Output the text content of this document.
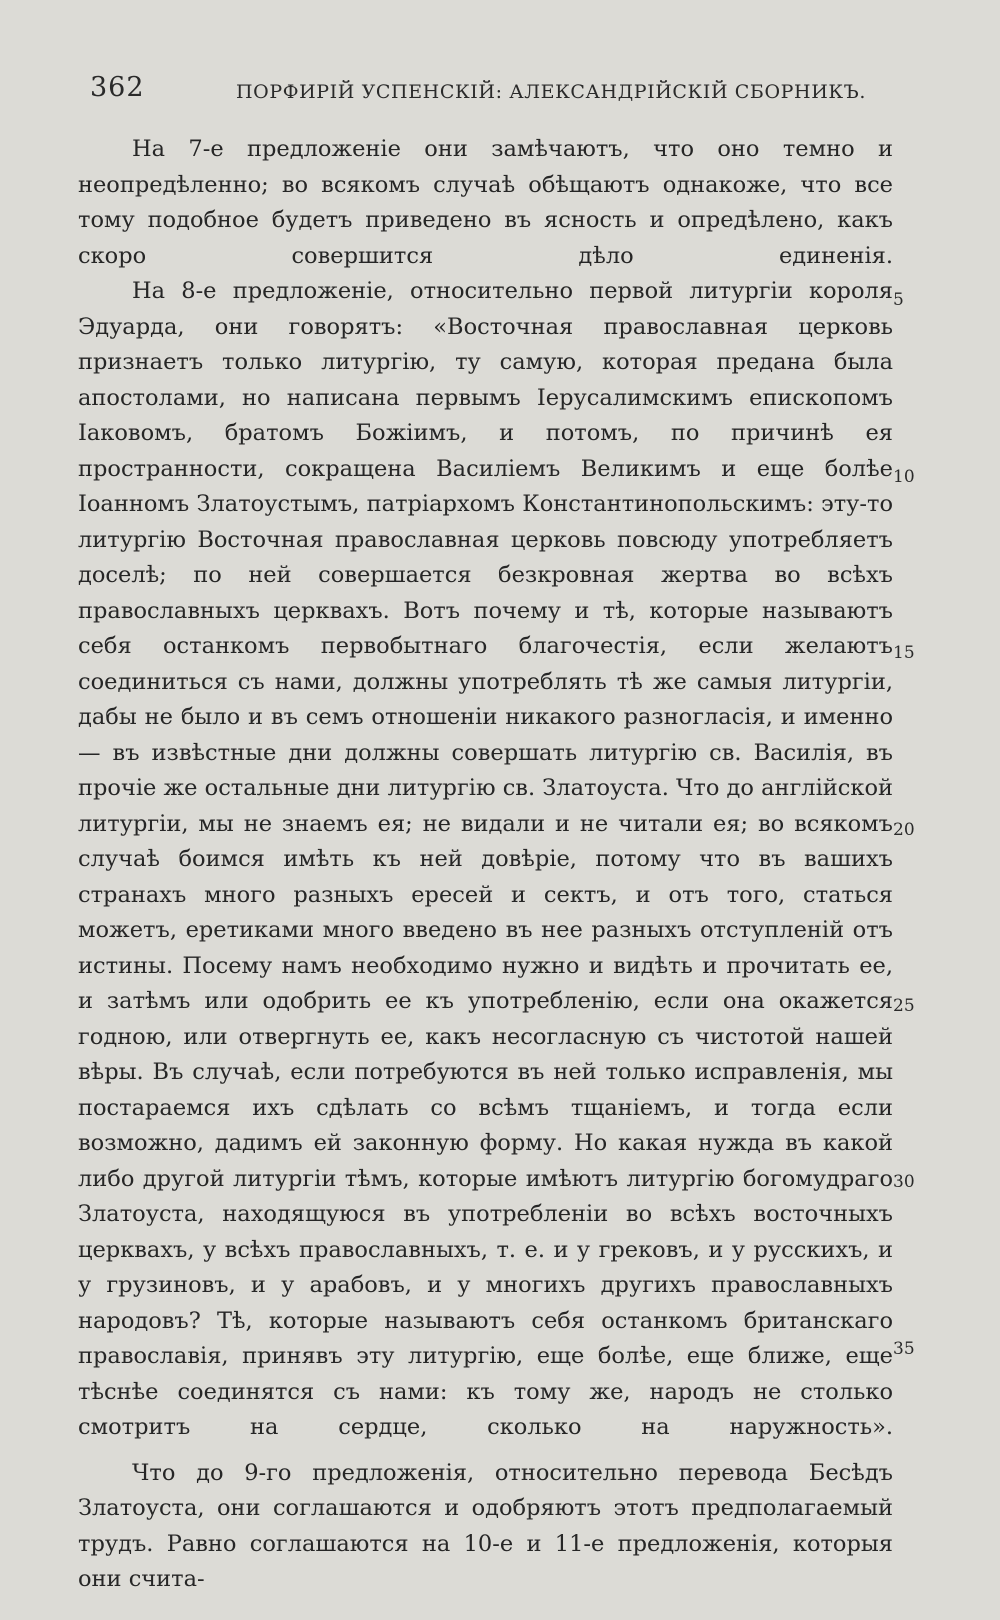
362	ПОРФИРІЙ УСПЕНСКІЙ: АЛЕКСАНДРІЙСКІЙ СБОРНИКЪ.

На 7-е предложеніе они замѣчаютъ, что оно темно и неопредѣленно; во всякомъ случаѣ обѣщаютъ однакоже, что все тому подобное будетъ приведено въ ясность и опредѣлено, какъ скоро совершится дѣло единенія.

На 8-е предложеніе, относительно первой литургіи короля Эдуарда, они говорятъ: «Восточная православная церковь признаетъ только литургію, ту самую, которая предана была апостолами, но написана первымъ Іерусалимскимъ епископомъ Іаковомъ, братомъ Божіимъ, и потомъ, по причинѣ ея пространности, сокращена Василіемъ Великимъ и еще болѣе Іоанномъ Златоустымъ, патріархомъ Константинопольскимъ: эту-то литургію Восточная православная церковь повсюду употребляетъ доселѣ; по ней совершается безкровная жертва во всѣхъ православныхъ церквахъ. Вотъ почему и тѣ, которые называютъ себя останкомъ первобытнаго благочестія, если желаютъ соединиться съ нами, должны употреблять тѣ же самыя литургіи, дабы не было и въ семъ отношеніи никакого разногласія, и именно — въ извѣстные дни должны совершать литургію св. Василія, въ прочіе же остальные дни литургію св. Златоуста. Что до англійской литургіи, мы не знаемъ ея; не видали и не читали ея; во всякомъ случаѣ боимся имѣть къ ней довѣріе, потому что въ вашихъ странахъ много разныхъ ересей и сектъ, и отъ того, статься можетъ, еретиками много введено въ нее разныхъ отступленій отъ истины. Посему намъ необходимо нужно и видѣть и прочитать ее, и затѣмъ или одобрить ее къ употребленію, если она окажется годною, или отвергнуть ее, какъ несогласную съ чистотой нашей вѣры. Въ случаѣ, если потребуются въ ней только исправленія, мы постараемся ихъ сдѣлать со всѣмъ тщаніемъ, и тогда если возможно, дадимъ ей законную форму. Но какая нужда въ какой либо другой литургіи тѣмъ, которые имѣютъ литургію богомудраго Златоуста, находящуюся въ употребленіи во всѣхъ восточныхъ церквахъ, у всѣхъ православныхъ, т. е. и у грековъ, и у русскихъ, и у грузиновъ, и у арабовъ, и у многихъ другихъ православныхъ народовъ? Тѣ, которые называютъ себя останкомъ британскаго православія, принявъ эту литургію, еще болѣе, еще ближе, еще тѣснѣе соединятся съ нами: къ тому же, народъ не столько смотритъ на сердце, сколько на наружность».

Что до 9-го предложенія, относительно перевода Бесѣдъ Златоуста, они соглашаются и одобряютъ этотъ предполагаемый трудъ. Равно соглашаются на 10-е и 11-е предложенія, которыя они счита-

5
10
15
20
25
30
35
